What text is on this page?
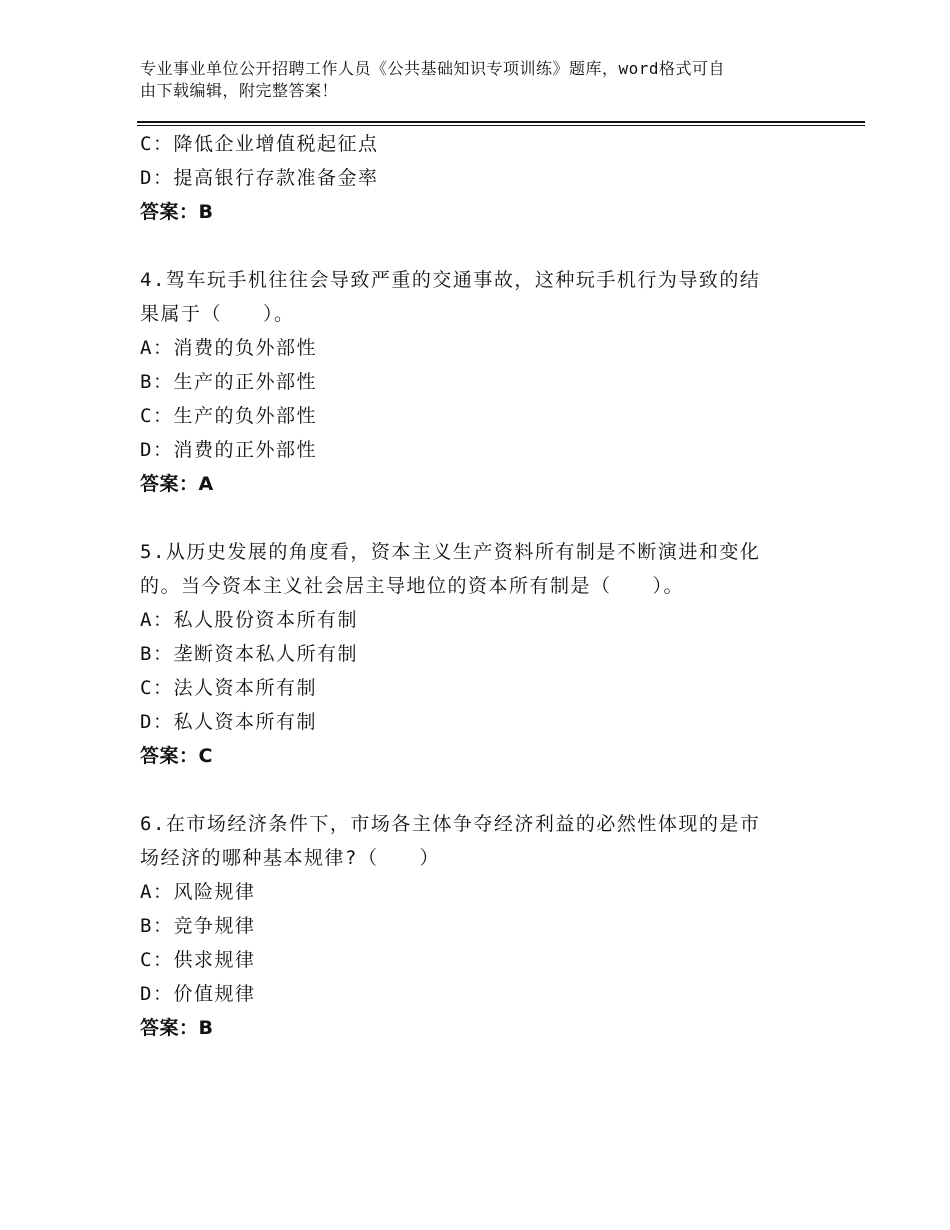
专业事业单位公开招聘工作人员《公共基础知识专项训练》题库，word格式可自
由下载编辑，附完整答案！
C：降低企业增值税起征点
D：提高银行存款准备金率
答案：B
4.驾车玩手机往往会导致严重的交通事故，这种玩手机行为导致的结
果属于（　　）。
A：消费的负外部性
B：生产的正外部性
C：生产的负外部性
D：消费的正外部性
答案：A
5.从历史发展的角度看，资本主义生产资料所有制是不断演进和变化
的。当今资本主义社会居主导地位的资本所有制是（　　）。
A：私人股份资本所有制
B：垄断资本私人所有制
C：法人资本所有制
D：私人资本所有制
答案：C
6.在市场经济条件下，市场各主体争夺经济利益的必然性体现的是市
场经济的哪种基本规律?（　　）
A：风险规律
B：竞争规律
C：供求规律
D：价值规律
答案：B
